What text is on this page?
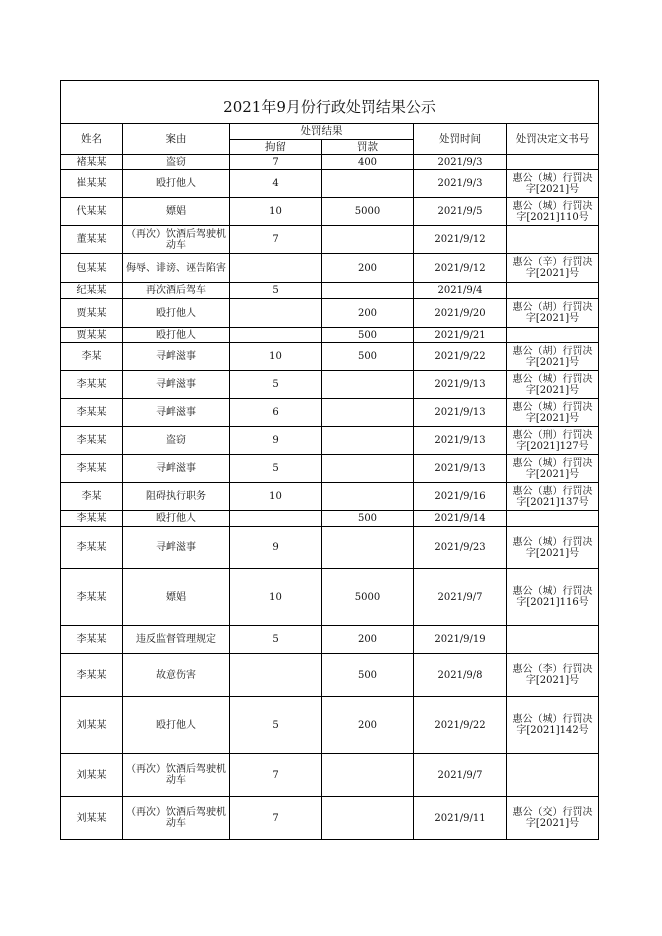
2021年9月份行政处罚结果公示					
姓名	案由	处罚结果		处罚时间	处罚决定文书号
		拘留	罚款		
褚某某	盗窃	7	400	2021/9/3	
崔某某	殴打他人	4		2021/9/3	惠公（城）行罚决字[2021]号
代某某	嫖娼	10	5000	2021/9/5	惠公（城）行罚决字[2021]110号
董某某	（再次）饮酒后驾驶机动车	7		2021/9/12	
包某某	侮辱、诽谤、诬告陷害		200	2021/9/12	惠公（辛）行罚决字[2021]号
纪某某	再次酒后驾车	5		2021/9/4	
贾某某	殴打他人		200	2021/9/20	惠公（胡）行罚决字[2021]号
贾某某	殴打他人		500	2021/9/21	
李某	寻衅滋事	10	500	2021/9/22	惠公（胡）行罚决字[2021]号
李某某	寻衅滋事	5		2021/9/13	惠公（城）行罚决字[2021]号
李某某	寻衅滋事	6		2021/9/13	惠公（城）行罚决字[2021]号
李某某	盗窃	9		2021/9/13	惠公（刑）行罚决字[2021]127号
李某某	寻衅滋事	5		2021/9/13	惠公（城）行罚决字[2021]号
李某	阻碍执行职务	10		2021/9/16	惠公（惠）行罚决字[2021]137号
李某某	殴打他人		500	2021/9/14	
李某某	寻衅滋事	9		2021/9/23	惠公（城）行罚决字[2021]号
李某某	嫖娼	10	5000	2021/9/7	惠公（城）行罚决字[2021]116号
李某某	违反监督管理规定	5	200	2021/9/19	
李某某	故意伤害		500	2021/9/8	惠公（李）行罚决字[2021]号
刘某某	殴打他人	5	200	2021/9/22	惠公（城）行罚决字[2021]142号
刘某某	（再次）饮酒后驾驶机动车	7		2021/9/7	
刘某某	（再次）饮酒后驾驶机动车	7		2021/9/11	惠公（交）行罚决字[2021]号
